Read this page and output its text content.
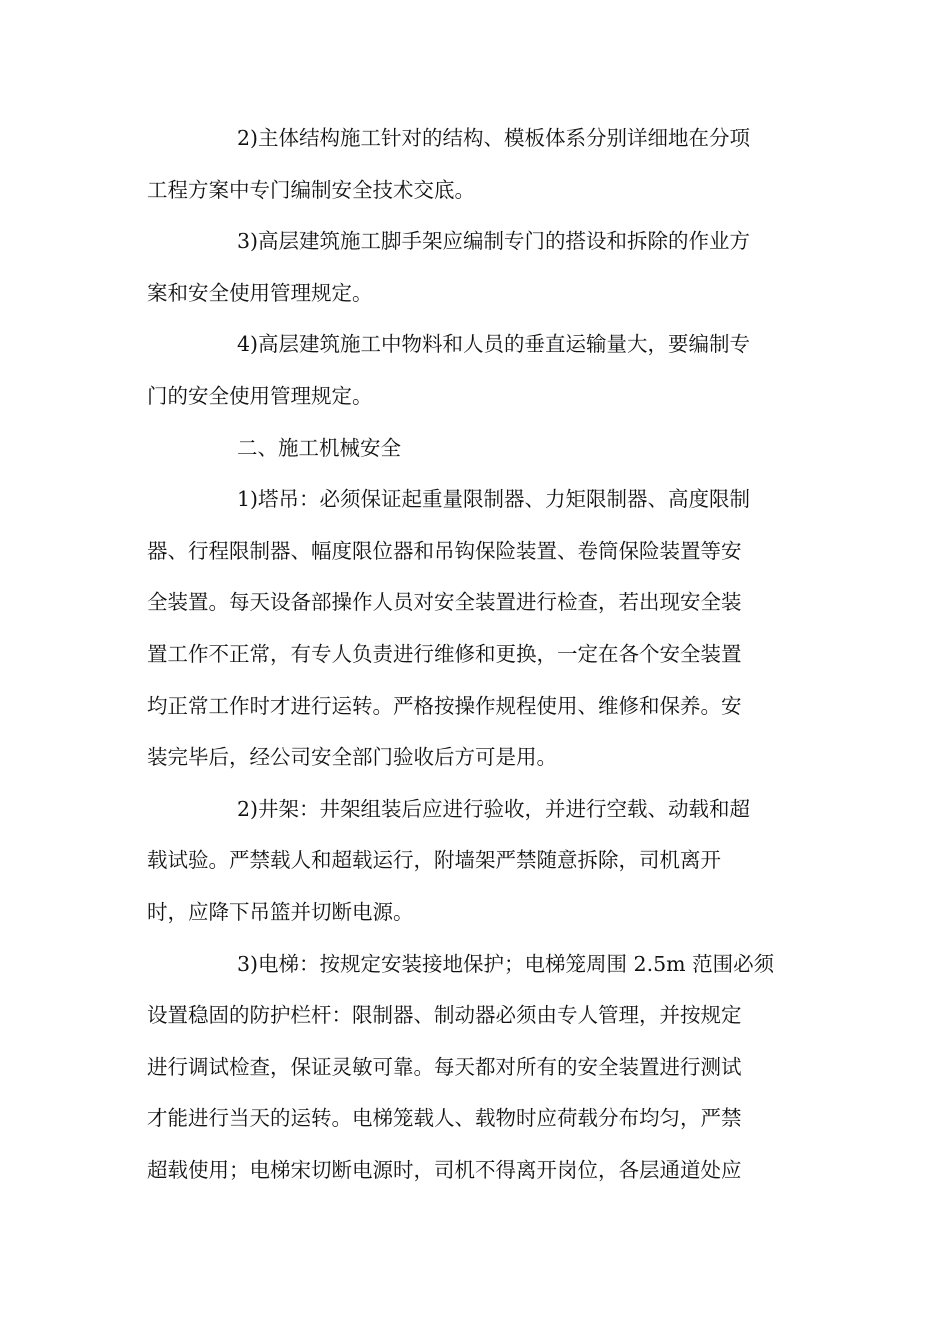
2)主体结构施工针对的结构、模板体系分别详细地在分项
工程方案中专门编制安全技术交底。
3)高层建筑施工脚手架应编制专门的搭设和拆除的作业方
案和安全使用管理规定。
4)高层建筑施工中物料和人员的垂直运输量大，要编制专
门的安全使用管理规定。
二、施工机械安全
1)塔吊：必须保证起重量限制器、力矩限制器、高度限制
器、行程限制器、幅度限位器和吊钩保险装置、卷筒保险装置等安
全装置。每天设备部操作人员对安全装置进行检查，若出现安全装
置工作不正常，有专人负责进行维修和更换，一定在各个安全装置
均正常工作时才进行运转。严格按操作规程使用、维修和保养。安
装完毕后，经公司安全部门验收后方可是用。
2)井架：井架组装后应进行验收，并进行空载、动载和超
载试验。严禁载人和超载运行，附墙架严禁随意拆除，司机离开
时，应降下吊篮并切断电源。
3)电梯：按规定安装接地保护；电梯笼周围 2.5m 范围必须
设置稳固的防护栏杆：限制器、制动器必须由专人管理，并按规定
进行调试检查，保证灵敏可靠。每天都对所有的安全装置进行测试
才能进行当天的运转。电梯笼载人、载物时应荷载分布均匀，严禁
超载使用；电梯宋切断电源时，司机不得离开岗位，各层通道处应
